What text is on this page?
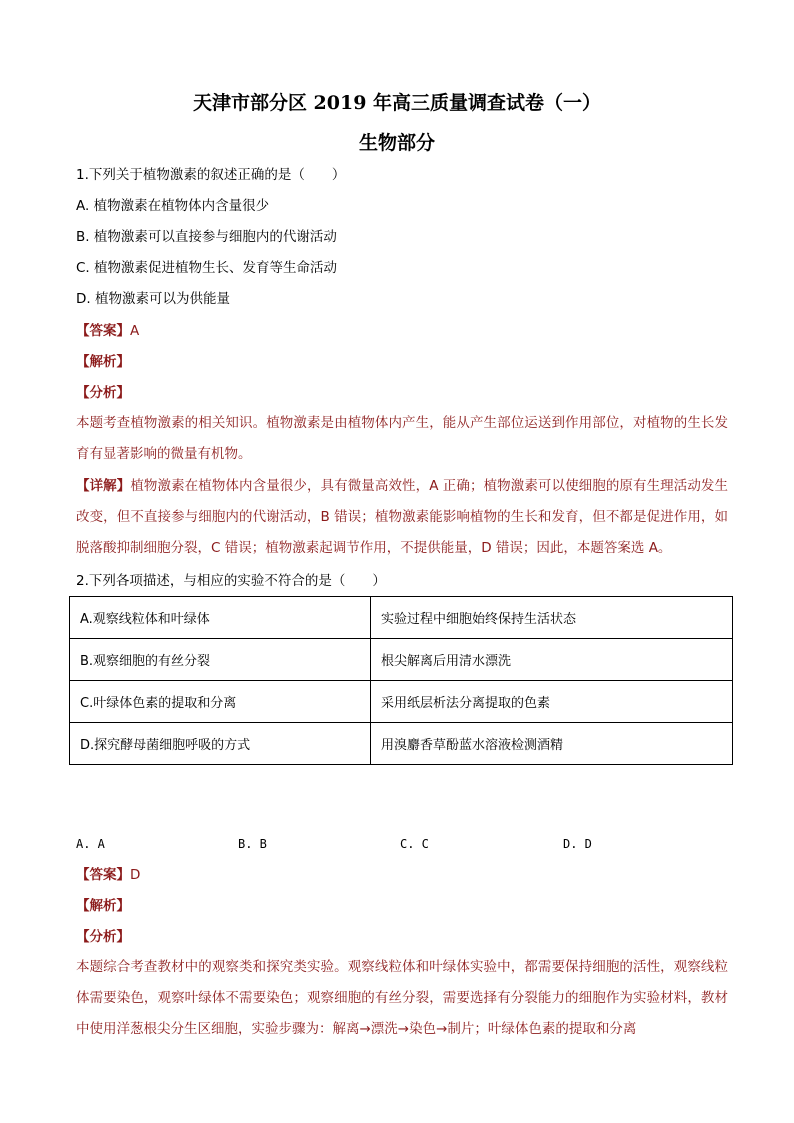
天津市部分区 2019 年高三质量调查试卷（一）
生物部分
1.下列关于植物激素的叙述正确的是（　　）
A. 植物激素在植物体内含量很少
B. 植物激素可以直接参与细胞内的代谢活动
C. 植物激素促进植物生长、发育等生命活动
D. 植物激素可以为供能量
【答案】A
【解析】
【分析】
本题考查植物激素的相关知识。植物激素是由植物体内产生，能从产生部位运送到作用部位，对植物的生长发育有显著影响的微量有机物。
【详解】植物激素在植物体内含量很少，具有微量高效性，A 正确；植物激素可以使细胞的原有生理活动发生改变，但不直接参与细胞内的代谢活动，B 错误；植物激素能影响植物的生长和发育，但不都是促进作用，如脱落酸抑制细胞分裂，C 错误；植物激素起调节作用，不提供能量，D 错误；因此，本题答案选 A。
2.下列各项描述，与相应的实验不符合的是（　　）
A.观察线粒体和叶绿体	实验过程中细胞始终保持生活状态
B.观察细胞的有丝分裂	根尖解离后用清水漂洗
C.叶绿体色素的提取和分离	采用纸层析法分离提取的色素
D.探究酵母菌细胞呼吸的方式	用溴麝香草酚蓝水溶液检测酒精
A. A	B. B	C. C	D. D
【答案】D
【解析】
【分析】
本题综合考查教材中的观察类和探究类实验。观察线粒体和叶绿体实验中，都需要保持细胞的活性，观察线粒体需要染色，观察叶绿体不需要染色；观察细胞的有丝分裂，需要选择有分裂能力的细胞作为实验材料，教材中使用洋葱根尖分生区细胞，实验步骤为：解离→漂洗→染色→制片；叶绿体色素的提取和分离
